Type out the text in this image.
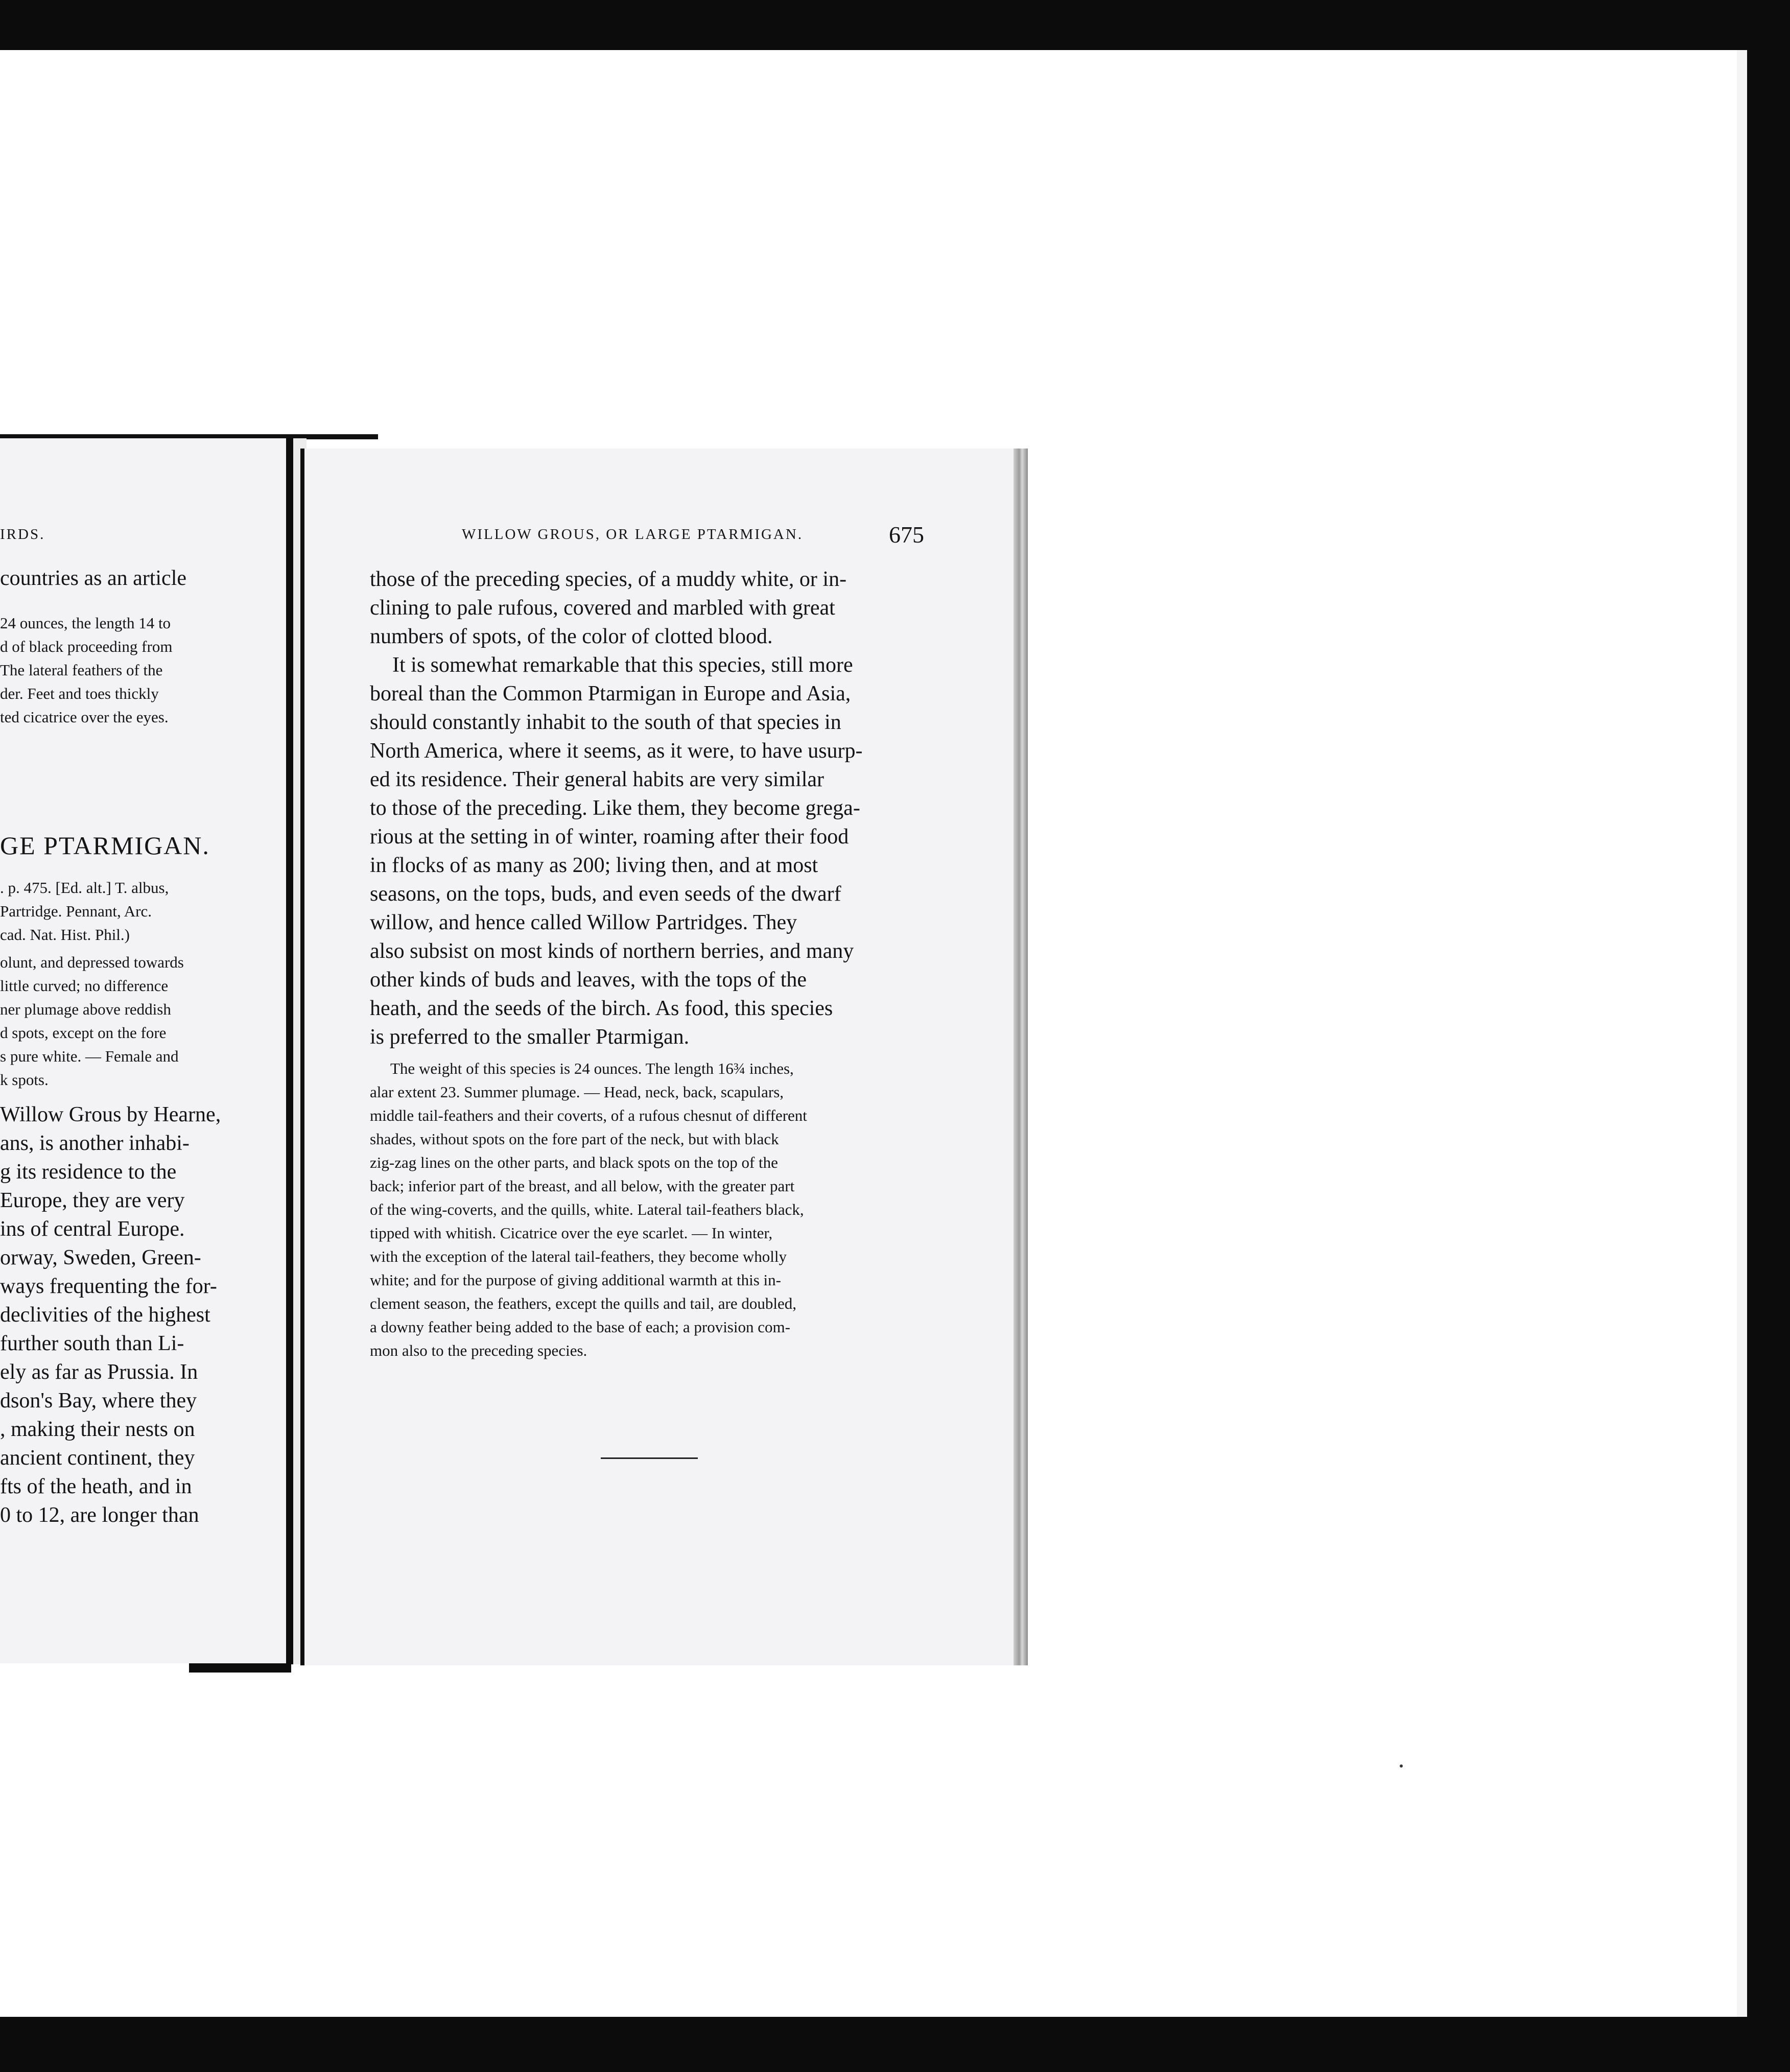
IRDS.
countries as an article
24 ounces, the length 14 to
d of black proceeding from
The lateral feathers of the
der. Feet and toes thickly
ted cicatrice over the eyes.
GE PTARMIGAN.
. p. 475. [Ed. alt.] T. albus,
Partridge. Pennant, Arc.
cad. Nat. Hist. Phil.)
olunt, and depressed towards
little curved; no difference
ner plumage above reddish
d spots, except on the fore
s pure white. — Female and
k spots.
Willow Grous by Hearne,
ans, is another inhabi-
g its residence to the
Europe, they are very
ins of central Europe.
orway, Sweden, Green-
ways frequenting the for-
declivities of the highest
further south than Li-
ely as far as Prussia. In
dson's Bay, where they
, making their nests on
ancient continent, they
fts of the heath, and in
0 to 12, are longer than
WILLOW GROUS, OR LARGE PTARMIGAN.	675
those of the preceding species, of a muddy white, or in-
clining to pale rufous, covered and marbled with great
numbers of spots, of the color of clotted blood.
It is somewhat remarkable that this species, still more
boreal than the Common Ptarmigan in Europe and Asia,
should constantly inhabit to the south of that species in
North America, where it seems, as it were, to have usurp-
ed its residence. Their general habits are very similar
to those of the preceding. Like them, they become grega-
rious at the setting in of winter, roaming after their food
in flocks of as many as 200; living then, and at most
seasons, on the tops, buds, and even seeds of the dwarf
willow, and hence called Willow Partridges. They
also subsist on most kinds of northern berries, and many
other kinds of buds and leaves, with the tops of the
heath, and the seeds of the birch. As food, this species
is preferred to the smaller Ptarmigan.
The weight of this species is 24 ounces. The length 16¾ inches,
alar extent 23. Summer plumage. — Head, neck, back, scapulars,
middle tail-feathers and their coverts, of a rufous chesnut of different
shades, without spots on the fore part of the neck, but with black
zig-zag lines on the other parts, and black spots on the top of the
back; inferior part of the breast, and all below, with the greater part
of the wing-coverts, and the quills, white. Lateral tail-feathers black,
tipped with whitish. Cicatrice over the eye scarlet. — In winter,
with the exception of the lateral tail-feathers, they become wholly
white; and for the purpose of giving additional warmth at this in-
clement season, the feathers, except the quills and tail, are doubled,
a downy feather being added to the base of each; a provision com-
mon also to the preceding species.
